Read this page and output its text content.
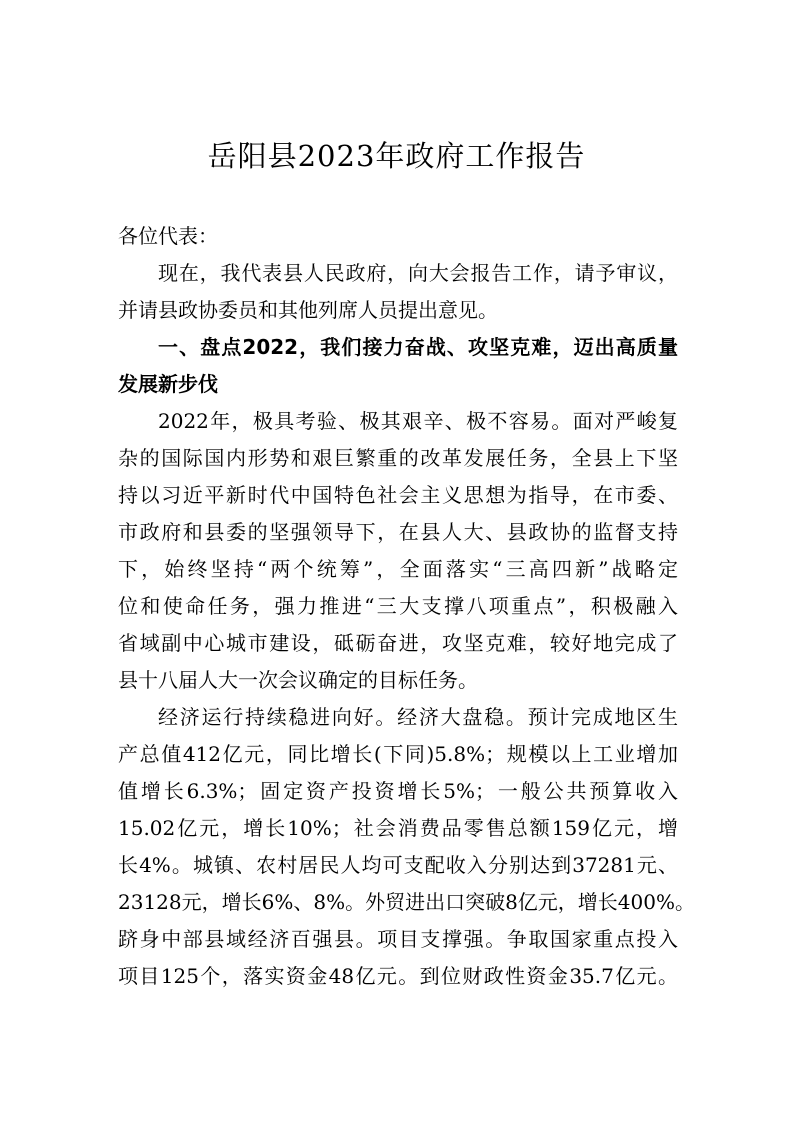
岳阳县2023年政府工作报告
各位代表：
现在，我代表县人民政府，向大会报告工作，请予审议，
并请县政协委员和其他列席人员提出意见。
一、盘点2022，我们接力奋战、攻坚克难，迈出高质量
发展新步伐
2022年，极具考验、极其艰辛、极不容易。面对严峻复
杂的国际国内形势和艰巨繁重的改革发展任务，全县上下坚
持以习近平新时代中国特色社会主义思想为指导，在市委、
市政府和县委的坚强领导下，在县人大、县政协的监督支持
下，始终坚持“两个统筹”，全面落实“三高四新”战略定
位和使命任务，强力推进“三大支撑八项重点”，积极融入
省域副中心城市建设，砥砺奋进，攻坚克难，较好地完成了
县十八届人大一次会议确定的目标任务。
经济运行持续稳进向好。经济大盘稳。预计完成地区生
产总值412亿元，同比增长(下同)5.8%；规模以上工业增加
值增长6.3%；固定资产投资增长5%；一般公共预算收入
15.02亿元，增长10%；社会消费品零售总额159亿元，增
长4%。城镇、农村居民人均可支配收入分别达到37281元、
23128元，增长6%、8%。外贸进出口突破8亿元，增长400%。
跻身中部县域经济百强县。项目支撑强。争取国家重点投入
项目125个，落实资金48亿元。到位财政性资金35.7亿元。
